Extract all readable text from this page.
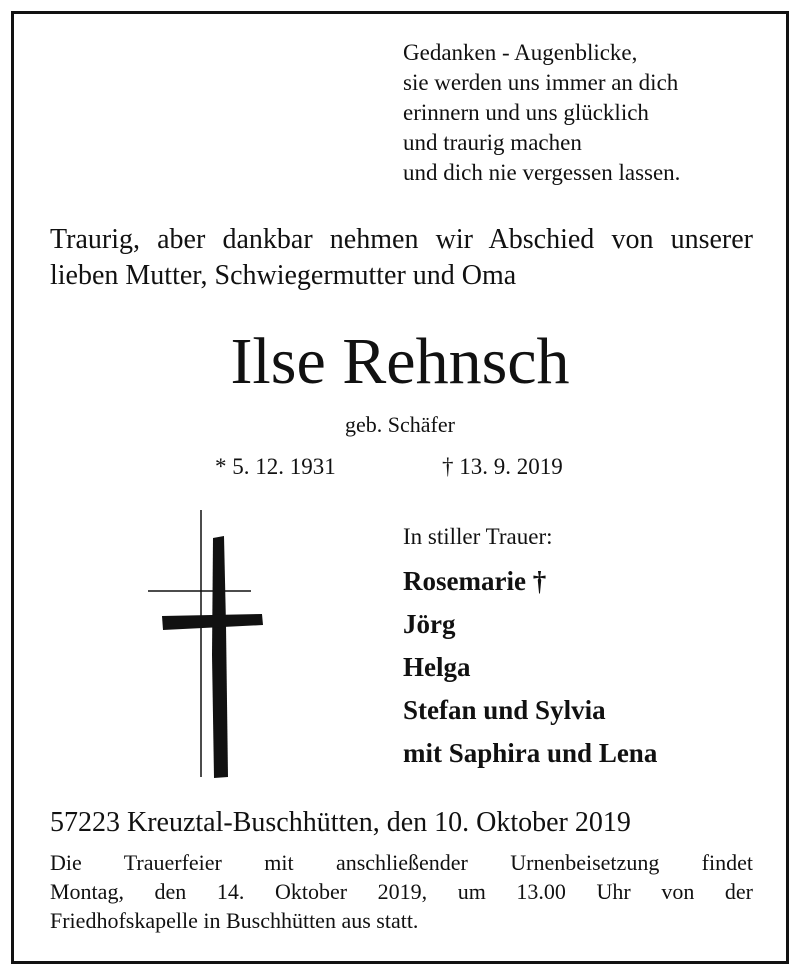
Gedanken - Augenblicke,
sie werden uns immer an dich
erinnern und uns glücklich
und traurig machen
und dich nie vergessen lassen.
Traurig, aber dankbar nehmen wir Abschied von unserer lieben Mutter, Schwiegermutter und Oma
Ilse Rehnsch
geb. Schäfer
* 5. 12. 1931	† 13. 9. 2019
In stiller Trauer:
Rosemarie †
Jörg
Helga
Stefan und Sylvia
mit Saphira und Lena
57223 Kreuztal-Buschhütten, den 10. Oktober 2019
Die Trauerfeier mit anschließender Urnenbeisetzung findet
Montag, den 14. Oktober 2019, um 13.00 Uhr von der
Friedhofskapelle in Buschhütten aus statt.
